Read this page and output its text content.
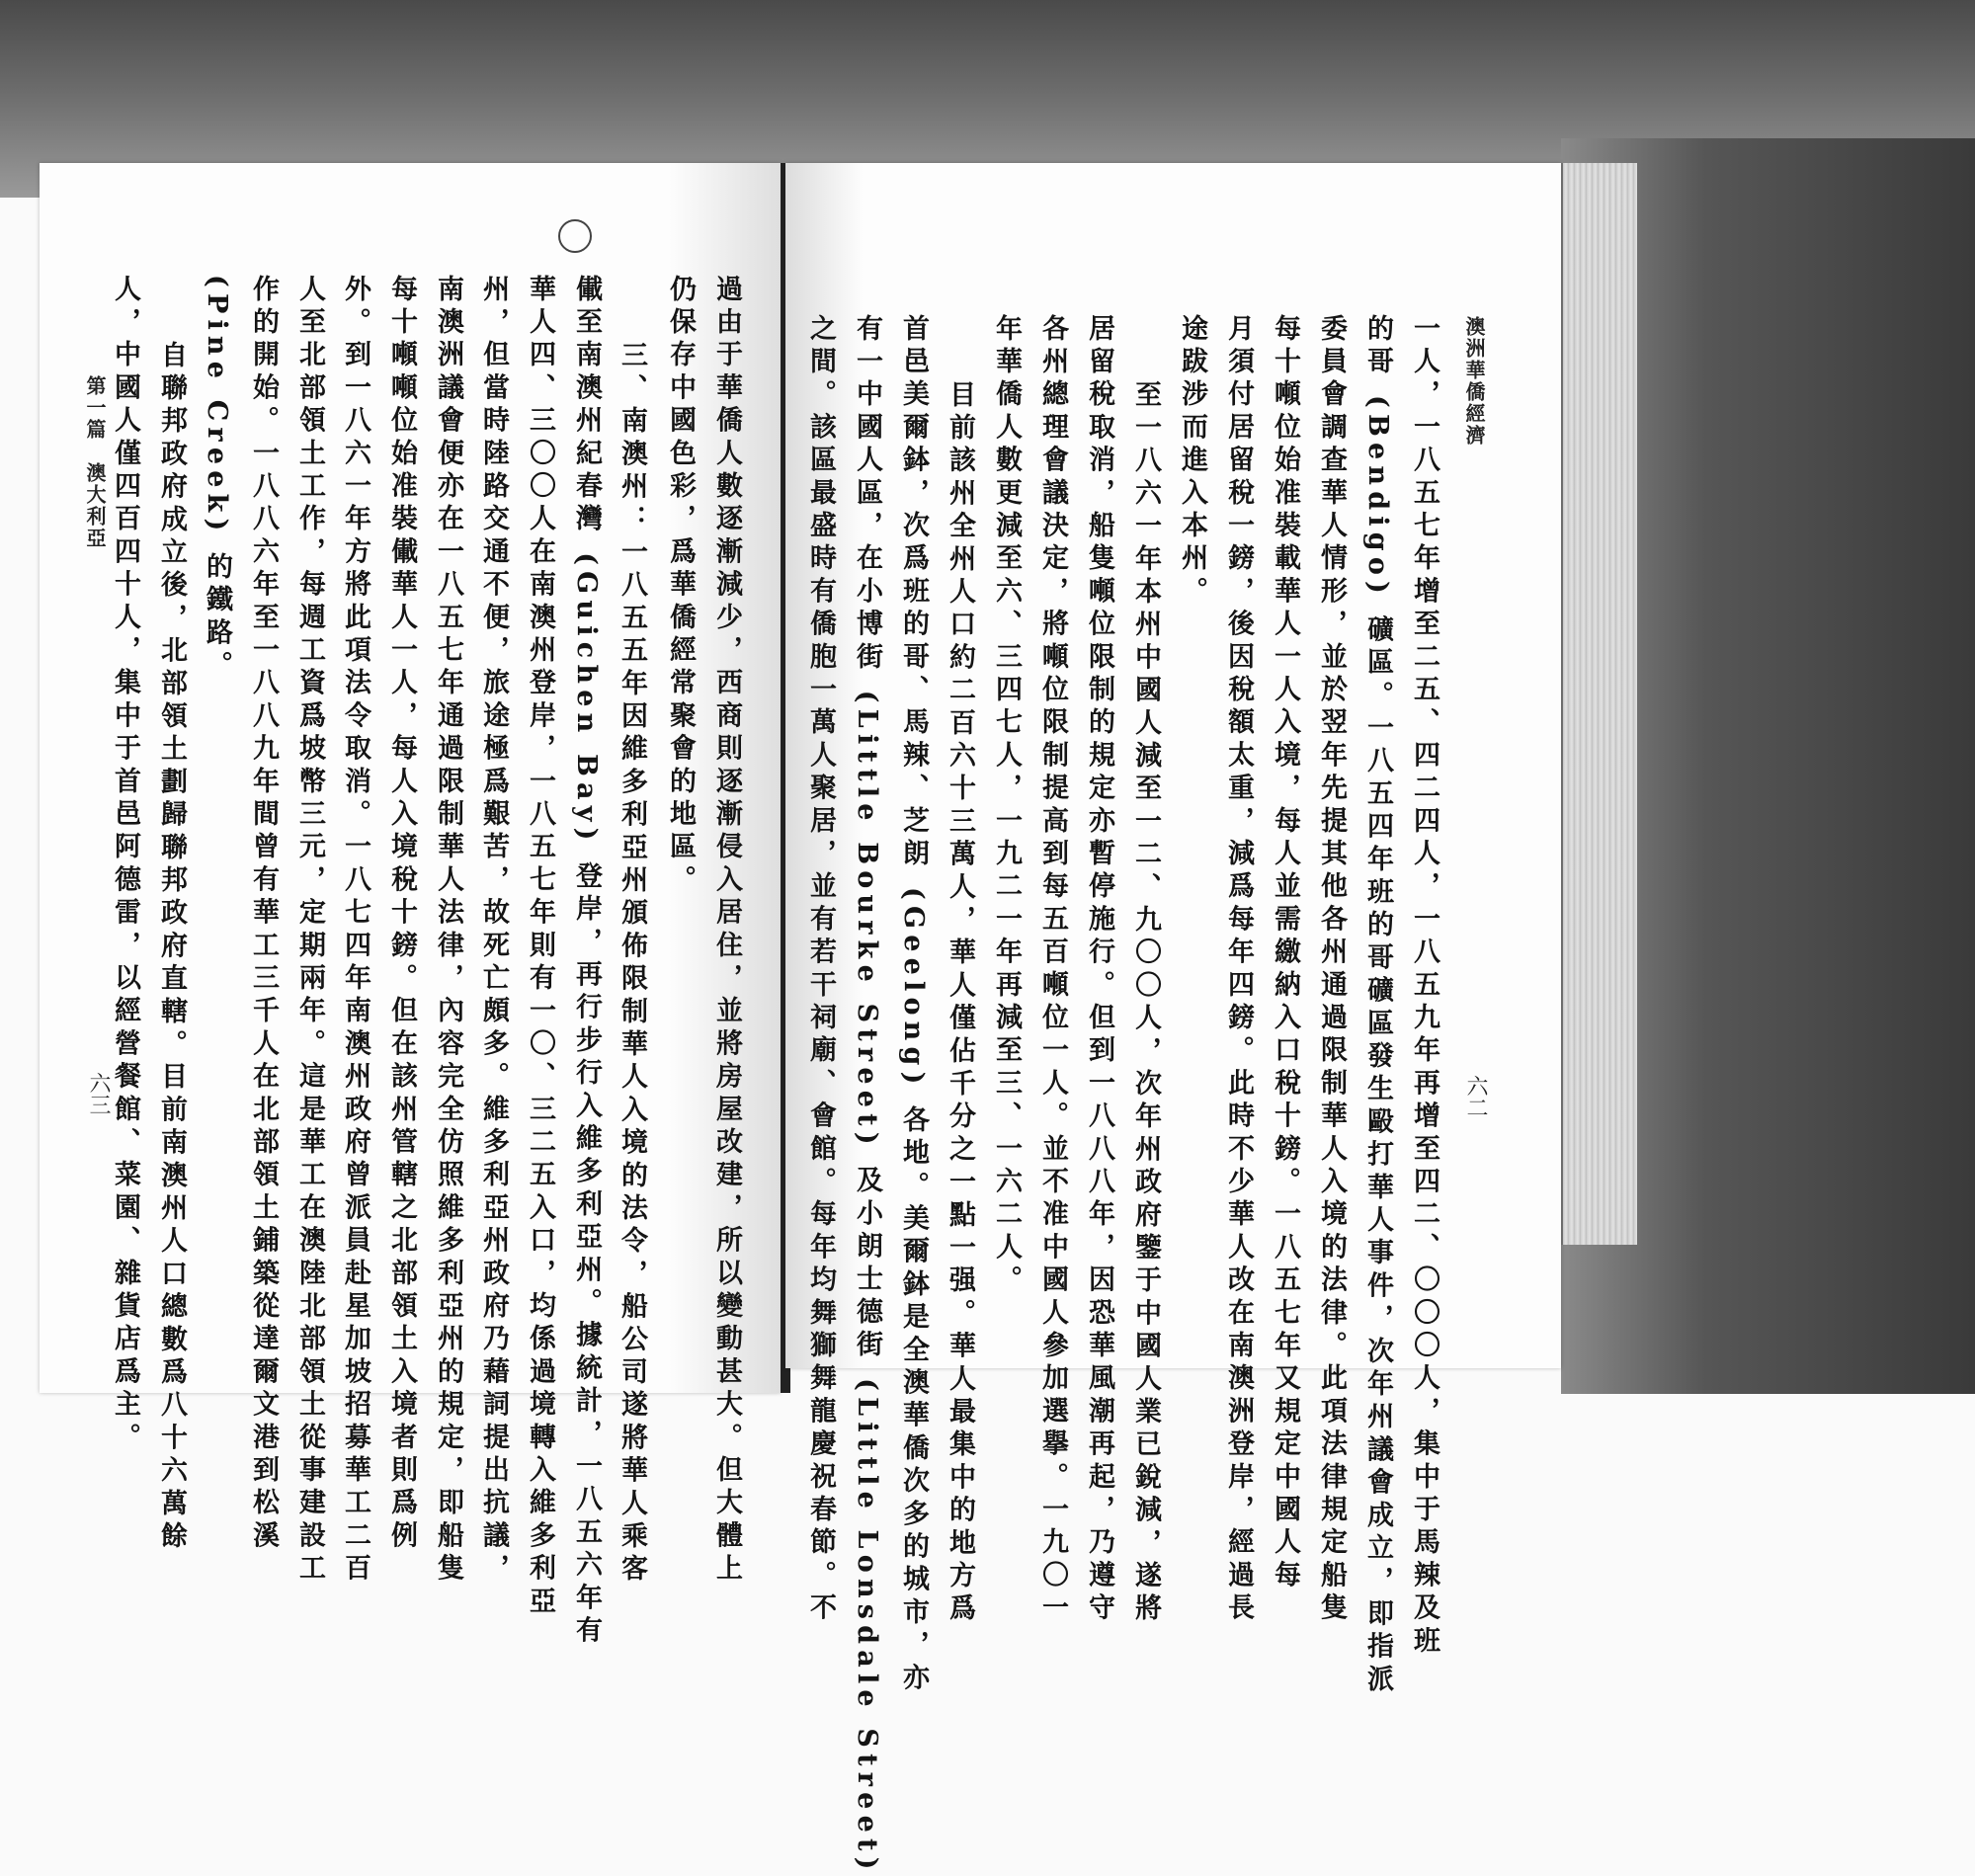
第一篇　澳大利亞
六三	過由于華僑人數逐漸減少，西商則逐漸侵入居住，並將房屋改建，所以變動甚大。但大體上
仍保存中國色彩，爲華僑經常聚會的地區。
三、南澳州：一八五五年因維多利亞州頒佈限制華人入境的法令，船公司遂將華人乘客
儎至南澳州紀春灣 (Guichen Bay) 登岸，再行步行入維多利亞州。據統計，一八五六年有
華人四、三〇〇人在南澳州登岸，一八五七年則有一〇、三二五入口，均係過境轉入維多利亞
州，但當時陸路交通不便，旅途極爲艱苦，故死亡頗多。維多利亞州政府乃藉詞提出抗議，
南澳洲議會便亦在一八五七年通過限制華人法律，內容完全仿照維多利亞州的規定，即船隻
每十噸噸位始准裝儎華人一人，每人入境稅十鎊。但在該州管轄之北部領土入境者則爲例
外。到一八六一年方將此項法令取消。一八七四年南澳州政府曾派員赴星加坡招募華工二百
人至北部領土工作，每週工資爲坡幣三元，定期兩年。這是華工在澳陸北部領土從事建設工
作的開始。一八八六年至一八八九年間曾有華工三千人在北部領土鋪築從達爾文港到松溪
(Pine Creek) 的鐵路。
自聯邦政府成立後，北部領土劃歸聯邦政府直轄。目前南澳州人口總數爲八十六萬餘
人，中國人僅四百四十人，集中于首邑阿德雷，以經營餐館、菜園、雜貨店爲主。	澳洲華僑經濟
六二
一人，一八五七年增至二五、四二四人，一八五九年再增至四二、〇〇〇人，集中于馬辣及班
的哥 (Bendigo) 礦區。一八五四年班的哥礦區發生毆打華人事件，次年州議會成立，即指派
委員會調查華人情形，並於翌年先提其他各州通過限制華人入境的法律。此項法律規定船隻
每十噸位始准裝載華人一人入境，每人並需繳納入口稅十鎊。一八五七年又規定中國人每
月須付居留稅一鎊，後因稅額太重，減爲每年四鎊。此時不少華人改在南澳洲登岸，經過長
途跋涉而進入本州。
至一八六一年本州中國人減至一二、九〇〇人，次年州政府鑒于中國人業已銳減，遂將
居留稅取消，船隻噸位限制的規定亦暫停施行。但到一八八八年，因恐華風潮再起，乃遵守
各州總理會議決定，將噸位限制提高到每五百噸位一人。並不准中國人參加選擧。一九〇一
年華僑人數更減至六、三四七人，一九二一年再減至三、一六二人。
目前該州全州人口約二百六十三萬人，華人僅佔千分之一點一强。華人最集中的地方爲
首邑美爾鉢，次爲班的哥、馬辣、芝朗 (Geelong) 各地。美爾鉢是全澳華僑次多的城市，亦
有一中國人區，在小博街 (Little Bourke Street) 及小朗士德街 (Little Lonsdale Street)
之間。該區最盛時有僑胞一萬人聚居，並有若干祠廟、會館。每年均舞獅舞龍慶祝春節。不
